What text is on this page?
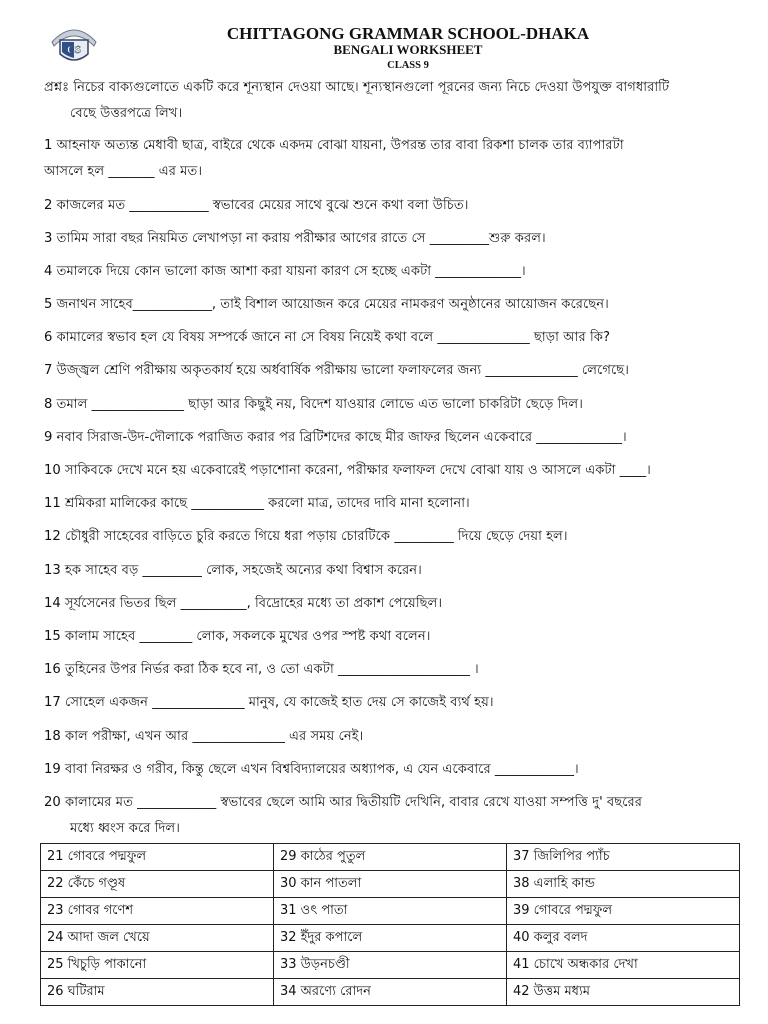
CS
CHITTAGONG GRAMMAR SCHOOL-DHAKA
BENGALI WORKSHEET
CLASS 9
প্রশ্নঃ নিচের বাক্যগুলোতে একটি করে শূন্যস্থান দেওয়া আছে। শূন্যস্থানগুলো পূরনের জন্য নিচে দেওয়া উপযুক্ত বাগধারাটি
বেছে উত্তরপত্রে লিখ।
1 আহনাফ অত্যন্ত মেধাবী ছাত্র, বাইরে থেকে একদম বোঝা যায়না, উপরন্ত তার বাবা রিকশা চালক তার ব্যাপারটা
আসলে হল _______ এর মত।
2 কাজলের মত ____________ স্বভাবের মেয়ের সাথে বুঝে শুনে কথা বলা উচিত।
3 তামিম সারা বছর নিয়মিত লেখাপড়া না করায় পরীক্ষার আগের রাতে সে _________শুরু করল।
4 তমালকে দিয়ে কোন ভালো কাজ আশা করা যায়না কারণ সে হচ্ছে একটা _____________।
5 জনাথন সাহেব____________, তাই বিশাল আয়োজন করে মেয়ের নামকরণ অনুষ্ঠানের আয়োজন করেছেন।
6 কামালের স্বভাব হল যে বিষয় সম্পর্কে জানে না সে বিষয় নিয়েই কথা বলে ______________ ছাড়া আর কি?
7 উজ্জ্বল শ্রেণি পরীক্ষায় অকৃতকার্য হয়ে অর্ধবার্ষিক পরীক্ষায় ভালো ফলাফলের জন্য ______________ লেগেছে।
8 তমাল ______________ ছাড়া আর কিছুই নয়, বিদেশ যাওয়ার লোভে এত ভালো চাকরিটা ছেড়ে দিল।
9 নবাব সিরাজ-উদ-দৌলাকে পরাজিত করার পর ব্রিটিশদের কাছে মীর জাফর ছিলেন একেবারে _____________।
10 সাকিবকে দেখে মনে হয় একেবারেই পড়াশোনা করেনা, পরীক্ষার ফলাফল দেখে বোঝা যায় ও আসলে একটা ____।
11 শ্রমিকরা মালিকের কাছে ___________ করলো মাত্র, তাদের দাবি মানা হলোনা।
12 চৌধুরী সাহেবের বাড়িতে চুরি করতে গিয়ে ধরা পড়ায় চোরটিকে _________ দিয়ে ছেড়ে দেয়া হল।
13 হক সাহেব বড় _________ লোক, সহজেই অন্যের কথা বিশ্বাস করেন।
14 সূর্যসেনের ভিতর ছিল __________, বিদ্রোহের মধ্যে তা প্রকাশ পেয়েছিল।
15 কালাম সাহেব ________ লোক, সকলকে মুখের ওপর স্পষ্ট কথা বলেন।
16 তুহিনের উপর নির্ভর করা ঠিক হবে না, ও তো একটা ____________________ ।
17 সোহেল একজন ______________ মানুষ, যে কাজেই হাত দেয় সে কাজেই ব্যর্থ হয়।
18 কাল পরীক্ষা, এখন আর ______________ এর সময় নেই।
19 বাবা নিরক্ষর ও গরীব, কিন্তু ছেলে এখন বিশ্ববিদ্যালয়ের অধ্যাপক, এ যেন একেবারে ____________।
20 কালামের মত ____________ স্বভাবের ছেলে আমি আর দ্বিতীয়টি দেখিনি, বাবার রেখে যাওয়া সম্পত্তি দু' বছরের
মধ্যে ধ্বংস করে দিল।
21 গোবরে পদ্মফুল	29 কাঠের পুতুল	37 জিলিপির প্যাঁচ
22 কেঁচে গণ্ডূষ	30 কান পাতলা	38 এলাহি কান্ড
23 গোবর গণেশ	31 ওৎ পাতা	39 গোবরে পদ্মফুল
24 আদা জল খেয়ে	32 ইঁদুর কপালে	40 কলুর বলদ
25 খিচুড়ি পাকানো	33 উড়নচণ্ডী	41 চোখে অন্ধকার দেখা
26 ঘটিরাম	34 অরণ্যে রোদন	42 উত্তম মধ্যম
